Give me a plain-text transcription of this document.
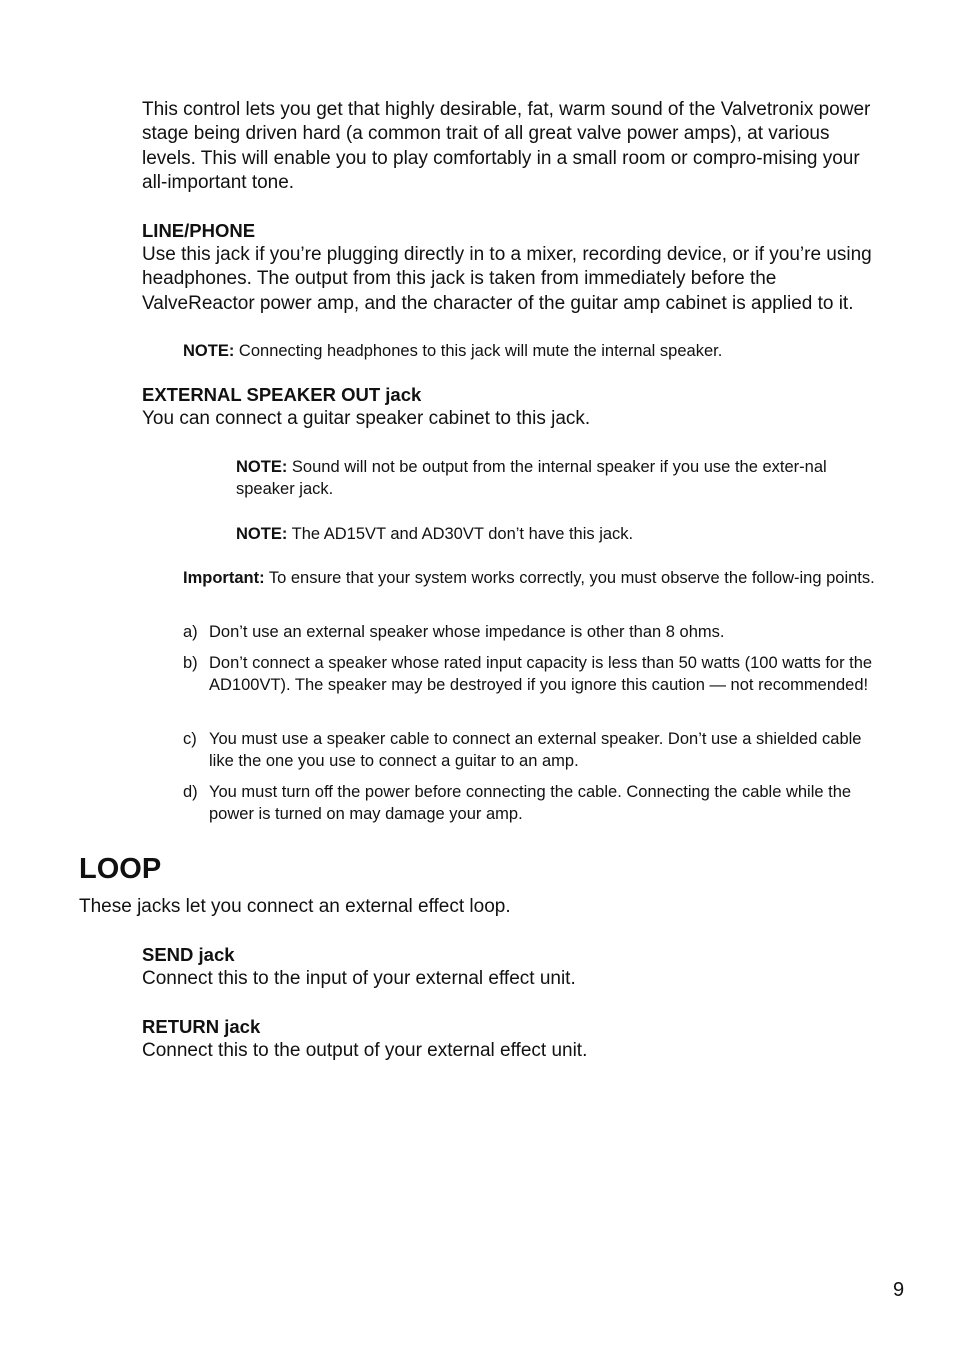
This control lets you get that highly desirable, fat, warm sound of the Valvetronix power stage being driven hard (a common trait of all great valve power amps), at various levels. This will enable you to play comfortably in a small room or compro-mising your all-important tone.

LINE/PHONE

Use this jack if you’re plugging directly in to a mixer, recording device, or if you’re using headphones. The output from this jack is taken from immediately before the ValveReactor power amp, and the character of the guitar amp cabinet is applied to it.

NOTE: Connecting headphones to this jack will mute the internal speaker.
EXTERNAL SPEAKER OUT jack

You can connect a guitar speaker cabinet to this jack.

NOTE: Sound will not be output from the internal speaker if you use the exter-nal speaker jack.
NOTE: The AD15VT and AD30VT don’t have this jack.
Important: To ensure that your system works correctly, you must observe the follow-ing points.
a) Don’t use an external speaker whose impedance is other than 8 ohms.
b) Don’t connect a speaker whose rated input capacity is less than 50 watts (100 watts for the AD100VT). The speaker may be destroyed if you ignore this caution — not recommended!
c) You must use a speaker cable to connect an external speaker. Don’t use a shielded cable like the one you use to connect a guitar to an amp.
d) You must turn off the power before connecting the cable. Connecting the cable while the power is turned on may damage your amp.
LOOP

These jacks let you connect an external effect loop.

SEND jack

Connect this to the input of your external effect unit.

RETURN jack

Connect this to the output of your external effect unit.

9
